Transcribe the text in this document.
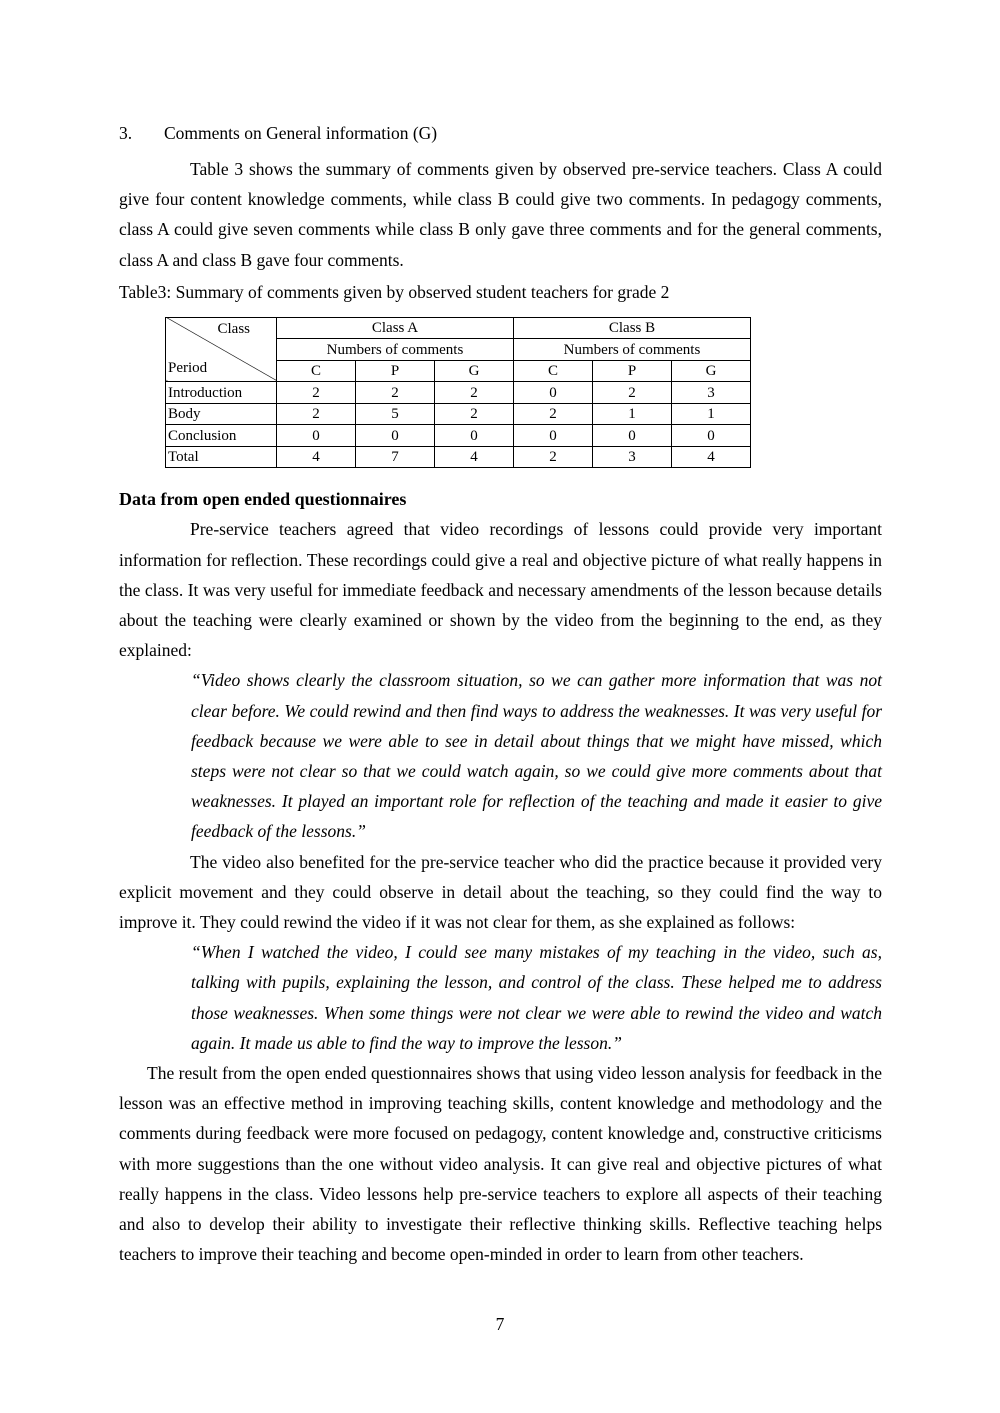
3.	Comments on General information (G)

Table 3 shows the summary of comments given by observed pre-service teachers. Class A could give four content knowledge comments, while class B could give two comments. In pedagogy comments, class A could give seven comments while class B only gave three comments and for the general comments, class A and class B gave four comments.

Table3: Summary of comments given by observed student teachers for grade 2
Class
Period	Class A			Class B		
	Numbers of comments			Numbers of comments		
	C	P	G	C	P	G
Introduction	2	2	2	0	2	3
Body	2	5	2	2	1	1
Conclusion	0	0	0	0	0	0
Total	4	7	4	2	3	4
Data from open ended questionnaires

Pre-service teachers agreed that video recordings of lessons could provide very important information for reflection. These recordings could give a real and objective picture of what really happens in the class. It was very useful for immediate feedback and necessary amendments of the lesson because details about the teaching were clearly examined or shown by the video from the beginning to the end, as they explained:

“Video shows clearly the classroom situation, so we can gather more information that was not clear before. We could rewind and then find ways to address the weaknesses. It was very useful for feedback because we were able to see in detail about things that we might have missed, which steps were not clear so that we could watch again, so we could give more comments about that weaknesses. It played an important role for reflection of the teaching and made it easier to give feedback of the lessons.”

The video also benefited for the pre-service teacher who did the practice because it provided very explicit movement and they could observe in detail about the teaching, so they could find the way to improve it. They could rewind the video if it was not clear for them, as she explained as follows:

“When I watched the video, I could see many mistakes of my teaching in the video, such as, talking with pupils, explaining the lesson, and control of the class. These helped me to address those weaknesses. When some things were not clear we were able to rewind the video and watch again. It made us able to find the way to improve the lesson.”

The result from the open ended questionnaires shows that using video lesson analysis for feedback in the lesson was an effective method in improving teaching skills, content knowledge and methodology and the comments during feedback were more focused on pedagogy, content knowledge and, constructive criticisms with more suggestions than the one without video analysis. It can give real and objective pictures of what really happens in the class. Video lessons help pre-service teachers to explore all aspects of their teaching and also to develop their ability to investigate their reflective thinking skills. Reflective teaching helps teachers to improve their teaching and become open-minded in order to learn from other teachers.

7
